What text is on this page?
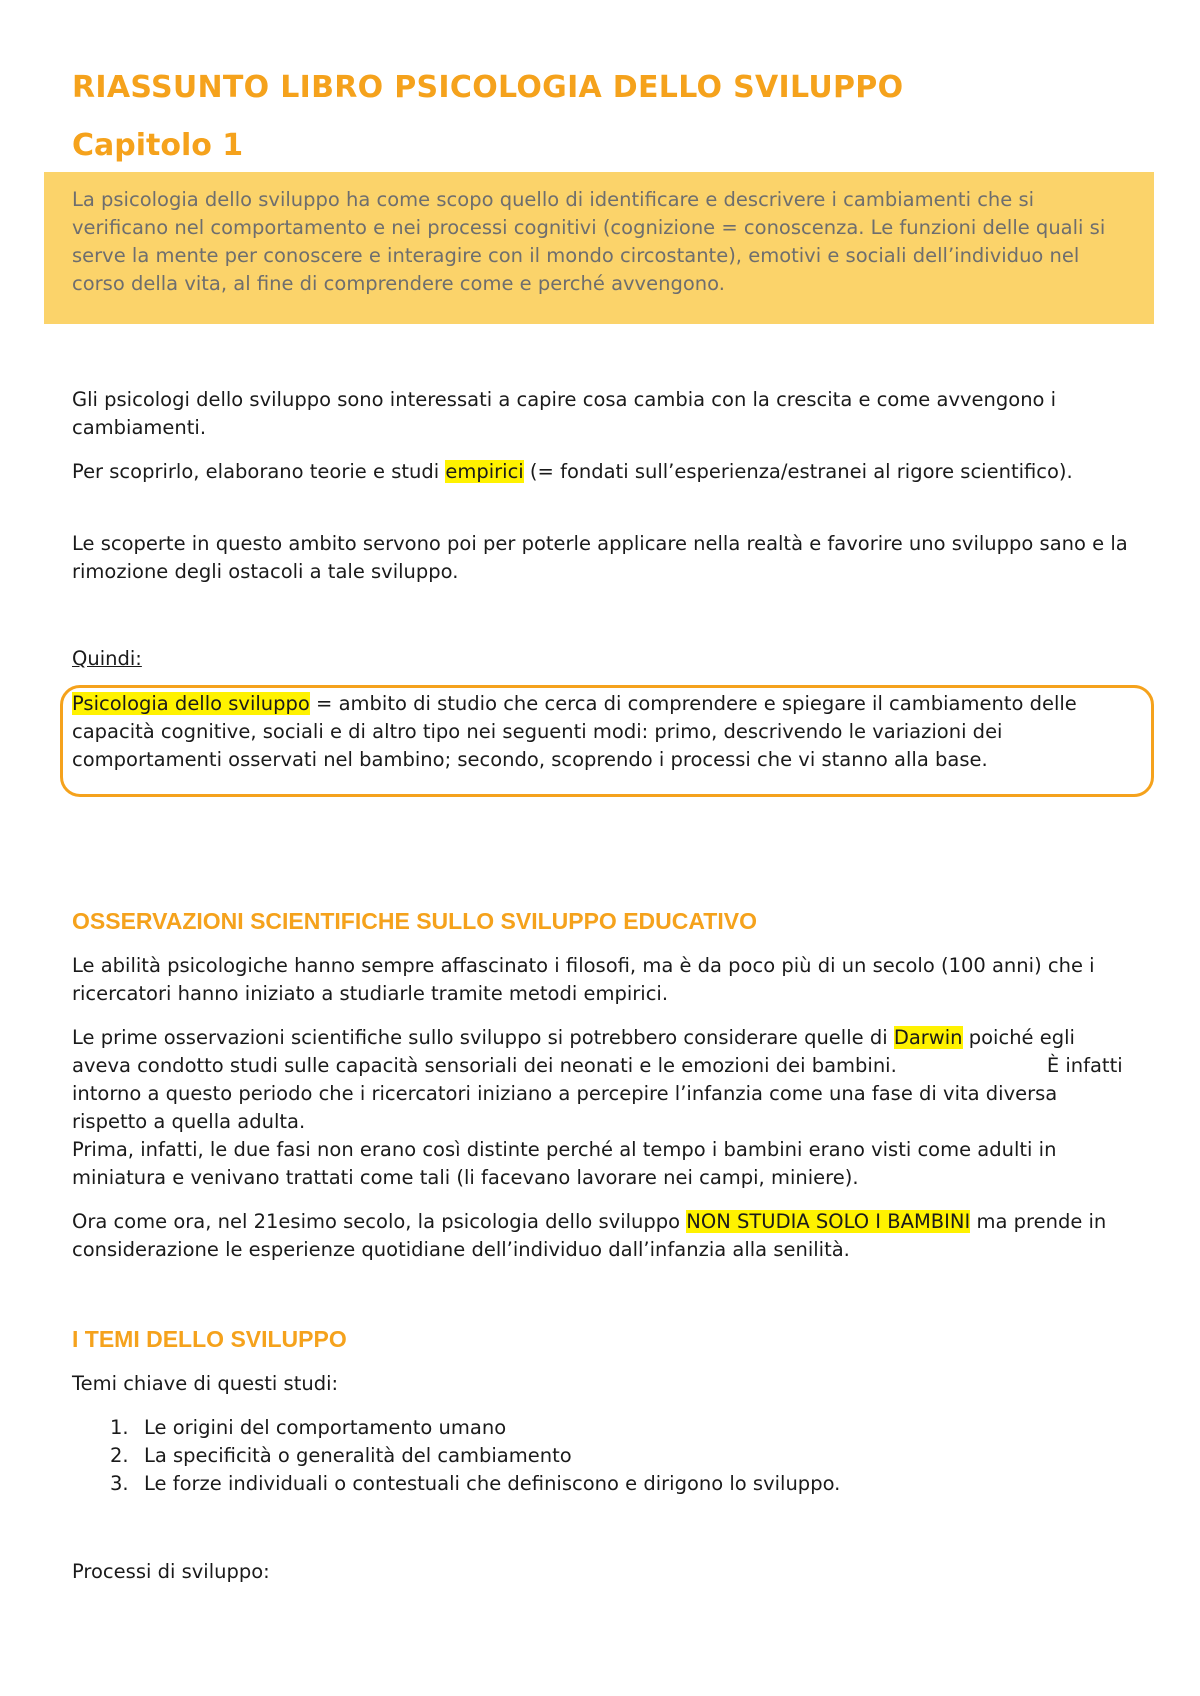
RIASSUNTO LIBRO PSICOLOGIA DELLO SVILUPPO
Capitolo 1

La psicologia dello sviluppo ha come scopo quello di identificare e descrivere i cambiamenti che si verificano nel comportamento e nei processi cognitivi (cognizione = conoscenza. Le funzioni delle quali si serve la mente per conoscere e interagire con il mondo circostante), emotivi e sociali dell’individuo nel corso della vita, al fine di comprendere come e perché avvengono.

Gli psicologi dello sviluppo sono interessati a capire cosa cambia con la crescita e come avvengono i cambiamenti.

Per scoprirlo, elaborano teorie e studi empirici (= fondati sull’esperienza/estranei al rigore scientifico).

Le scoperte in questo ambito servono poi per poterle applicare nella realtà e favorire uno sviluppo sano e la rimozione degli ostacoli a tale sviluppo.

Quindi:

Psicologia dello sviluppo = ambito di studio che cerca di comprendere e spiegare il cambiamento delle capacità cognitive, sociali e di altro tipo nei seguenti modi: primo, descrivendo le variazioni dei comportamenti osservati nel bambino; secondo, scoprendo i processi che vi stanno alla base.

OSSERVAZIONI SCIENTIFICHE SULLO SVILUPPO EDUCATIVO

Le abilità psicologiche hanno sempre affascinato i filosofi, ma è da poco più di un secolo (100 anni) che i ricercatori hanno iniziato a studiarle tramite metodi empirici.

Le prime osservazioni scientifiche sullo sviluppo si potrebbero considerare quelle di Darwin poiché egli aveva condotto studi sulle capacità sensoriali dei neonati e le emozioni dei bambini.	È infatti intorno a questo periodo che i ricercatori iniziano a percepire l’infanzia come una fase di vita diversa rispetto a quella adulta.
Prima, infatti, le due fasi non erano così distinte perché al tempo i bambini erano visti come adulti in miniatura e venivano trattati come tali (li facevano lavorare nei campi, miniere).

Ora come ora, nel 21esimo secolo, la psicologia dello sviluppo NON STUDIA SOLO I BAMBINI ma prende in considerazione le esperienze quotidiane dell’individuo dall’infanzia alla senilità.

I TEMI DELLO SVILUPPO

Temi chiave di questi studi:

1. Le origini del comportamento umano
2. La specificità o generalità del cambiamento
3. Le forze individuali o contestuali che definiscono e dirigono lo sviluppo.

Processi di sviluppo:
